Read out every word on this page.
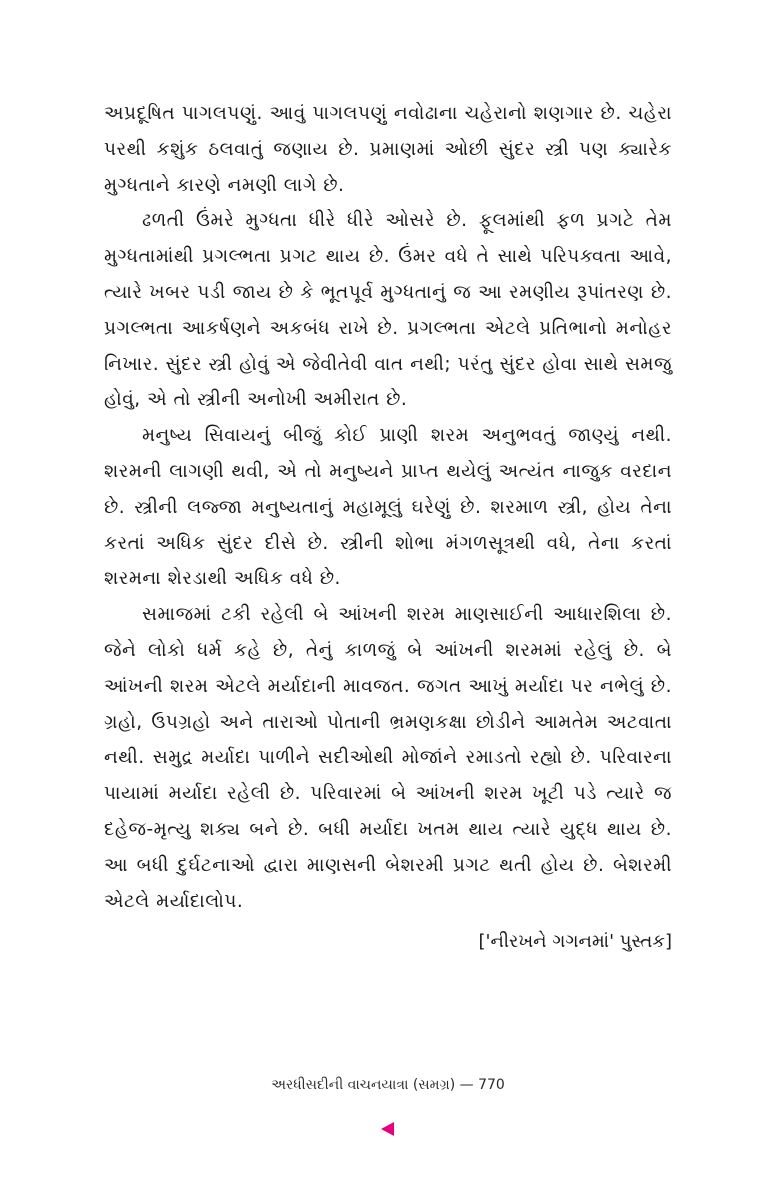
અપ્રદૂષિત પાગલપણું. આવું પાગલપણું નવોઢાના ચહેરાનો શણગાર છે. ચહેરા પરથી કશુંક ઠલવાતું જણાય છે. પ્રમાણમાં ઓછી સુંદર સ્ત્રી પણ ક્યારેક મુગ્ધતાને કારણે નમણી લાગે છે.

ઢળતી ઉંમરે મુગ્ધતા ધીરે ધીરે ઓસરે છે. ફૂલમાંથી ફળ પ્રગટે તેમ મુગ્ધતામાંથી પ્રગલ્ભતા પ્રગટ થાય છે. ઉંમર વધે તે સાથે પરિપક્વતા આવે, ત્યારે ખબર પડી જાય છે કે ભૂતપૂર્વ મુગ્ધતાનું જ આ રમણીય રૂપાંતરણ છે. પ્રગલ્ભતા આકર્ષણને અકબંધ રાખે છે. પ્રગલ્ભતા એટલે પ્રતિભાનો મનોહર નિખાર. સુંદર સ્ત્રી હોવું એ જેવીતેવી વાત નથી; પરંતુ સુંદર હોવા સાથે સમજુ હોવું, એ તો સ્ત્રીની અનોખી અમીરાત છે.

મનુષ્ય સિવાયનું બીજું કોઈ પ્રાણી શરમ અનુભવતું જાણ્યું નથી. શરમની લાગણી થવી, એ તો મનુષ્યને પ્રાપ્ત થયેલું અત્યંત નાજુક વરદાન છે. સ્ત્રીની લજ્જા મનુષ્યતાનું મહામૂલું ઘરેણું છે. શરમાળ સ્ત્રી, હોય તેના કરતાં અધિક સુંદર દીસે છે. સ્ત્રીની શોભા મંગળસૂત્રથી વધે, તેના કરતાં શરમના શેરડાથી અધિક વધે છે.

સમાજમાં ટકી રહેલી બે આંખની શરમ માણસાઈની આધારશિલા છે. જેને લોકો ધર્મ કહે છે, તેનું કાળજું બે આંખની શરમમાં રહેલું છે. બે આંખની શરમ એટલે મર્યાદાની માવજત. જગત આખું મર્યાદા પર નભેલું છે. ગ્રહો, ઉપગ્રહો અને તારાઓ પોતાની ભ્રમણકક્ષા છોડીને આમતેમ અટવાતા નથી. સમુદ્ર મર્યાદા પાળીને સદીઓથી મોજાંને રમાડતો રહ્યો છે. પરિવારના પાયામાં મર્યાદા રહેલી છે. પરિવારમાં બે આંખની શરમ ખૂટી પડે ત્યારે જ દહેજ-મૃત્યુ શક્ય બને છે. બધી મર્યાદા ખતમ થાય ત્યારે યુદ્ધ થાય છે. આ બધી દુર્ઘટનાઓ દ્વારા માણસની બેશરમી પ્રગટ થતી હોય છે. બેશરમી એટલે મર્યાદાલોપ.

['નીરખને ગગનમાં' પુસ્તક]
અરધીસદીની વાચનયાત્રા (સમગ્ર) — 770
